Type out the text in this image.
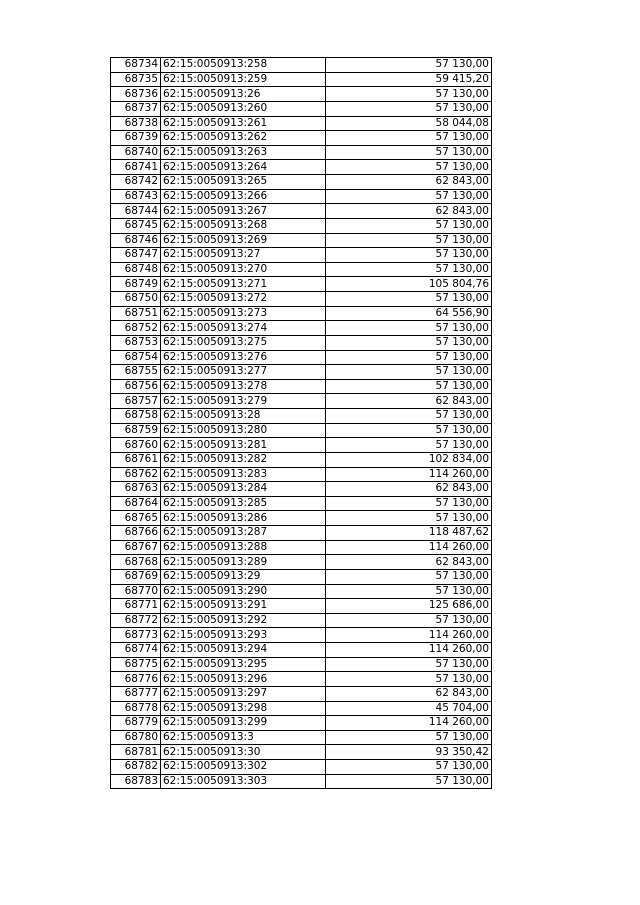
68734	62:15:0050913:258	57 130,00
68735	62:15:0050913:259	59 415,20
68736	62:15:0050913:26	57 130,00
68737	62:15:0050913:260	57 130,00
68738	62:15:0050913:261	58 044,08
68739	62:15:0050913:262	57 130,00
68740	62:15:0050913:263	57 130,00
68741	62:15:0050913:264	57 130,00
68742	62:15:0050913:265	62 843,00
68743	62:15:0050913:266	57 130,00
68744	62:15:0050913:267	62 843,00
68745	62:15:0050913:268	57 130,00
68746	62:15:0050913:269	57 130,00
68747	62:15:0050913:27	57 130,00
68748	62:15:0050913:270	57 130,00
68749	62:15:0050913:271	105 804,76
68750	62:15:0050913:272	57 130,00
68751	62:15:0050913:273	64 556,90
68752	62:15:0050913:274	57 130,00
68753	62:15:0050913:275	57 130,00
68754	62:15:0050913:276	57 130,00
68755	62:15:0050913:277	57 130,00
68756	62:15:0050913:278	57 130,00
68757	62:15:0050913:279	62 843,00
68758	62:15:0050913:28	57 130,00
68759	62:15:0050913:280	57 130,00
68760	62:15:0050913:281	57 130,00
68761	62:15:0050913:282	102 834,00
68762	62:15:0050913:283	114 260,00
68763	62:15:0050913:284	62 843,00
68764	62:15:0050913:285	57 130,00
68765	62:15:0050913:286	57 130,00
68766	62:15:0050913:287	118 487,62
68767	62:15:0050913:288	114 260,00
68768	62:15:0050913:289	62 843,00
68769	62:15:0050913:29	57 130,00
68770	62:15:0050913:290	57 130,00
68771	62:15:0050913:291	125 686,00
68772	62:15:0050913:292	57 130,00
68773	62:15:0050913:293	114 260,00
68774	62:15:0050913:294	114 260,00
68775	62:15:0050913:295	57 130,00
68776	62:15:0050913:296	57 130,00
68777	62:15:0050913:297	62 843,00
68778	62:15:0050913:298	45 704,00
68779	62:15:0050913:299	114 260,00
68780	62:15:0050913:3	57 130,00
68781	62:15:0050913:30	93 350,42
68782	62:15:0050913:302	57 130,00
68783	62:15:0050913:303	57 130,00
